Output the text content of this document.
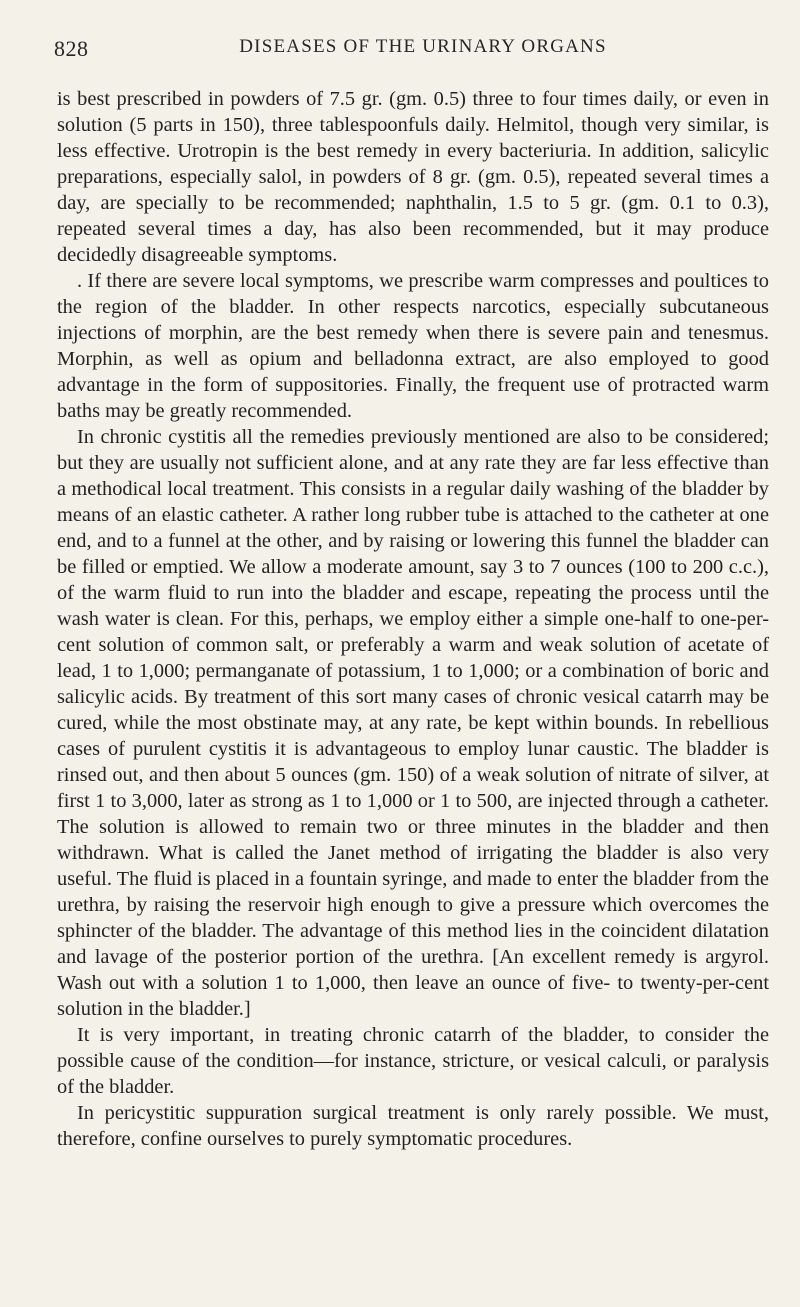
828	DISEASES OF THE URINARY ORGANS

is best prescribed in powders of 7.5 gr. (gm. 0.5) three to four times daily, or even in solution (5 parts in 150), three tablespoonfuls daily. Helmitol, though very similar, is less effective. Urotropin is the best remedy in every bacteriuria. In addition, salicylic preparations, especially salol, in powders of 8 gr. (gm. 0.5), repeated several times a day, are specially to be recommended; naphthalin, 1.5 to 5 gr. (gm. 0.1 to 0.3), repeated several times a day, has also been recommended, but it may produce decidedly disagreeable symptoms.

. If there are severe local symptoms, we prescribe warm compresses and poultices to the region of the bladder. In other respects narcotics, especially subcutaneous injections of morphin, are the best remedy when there is severe pain and tenesmus. Morphin, as well as opium and belladonna extract, are also employed to good advantage in the form of suppositories. Finally, the frequent use of protracted warm baths may be greatly recommended.

In chronic cystitis all the remedies previously mentioned are also to be considered; but they are usually not sufficient alone, and at any rate they are far less effective than a methodical local treatment. This consists in a regular daily washing of the bladder by means of an elastic catheter. A rather long rubber tube is attached to the catheter at one end, and to a funnel at the other, and by raising or lowering this funnel the bladder can be filled or emptied. We allow a moderate amount, say 3 to 7 ounces (100 to 200 c.c.), of the warm fluid to run into the bladder and escape, repeating the process until the wash water is clean. For this, perhaps, we employ either a simple one-half to one-per-cent solution of common salt, or preferably a warm and weak solution of acetate of lead, 1 to 1,000; permanganate of potassium, 1 to 1,000; or a combination of boric and salicylic acids. By treatment of this sort many cases of chronic vesical catarrh may be cured, while the most obstinate may, at any rate, be kept within bounds. In rebellious cases of purulent cystitis it is advantageous to employ lunar caustic. The bladder is rinsed out, and then about 5 ounces (gm. 150) of a weak solution of nitrate of silver, at first 1 to 3,000, later as strong as 1 to 1,000 or 1 to 500, are injected through a catheter. The solution is allowed to remain two or three minutes in the bladder and then withdrawn. What is called the Janet method of irrigating the bladder is also very useful. The fluid is placed in a fountain syringe, and made to enter the bladder from the urethra, by raising the reservoir high enough to give a pressure which overcomes the sphincter of the bladder. The advantage of this method lies in the coincident dilatation and lavage of the posterior portion of the urethra. [An excellent remedy is argyrol. Wash out with a solution 1 to 1,000, then leave an ounce of five- to twenty-per-cent solution in the bladder.]

It is very important, in treating chronic catarrh of the bladder, to consider the possible cause of the condition—for instance, stricture, or vesical calculi, or paralysis of the bladder.

In pericystitic suppuration surgical treatment is only rarely possible. We must, therefore, confine ourselves to purely symptomatic procedures.
